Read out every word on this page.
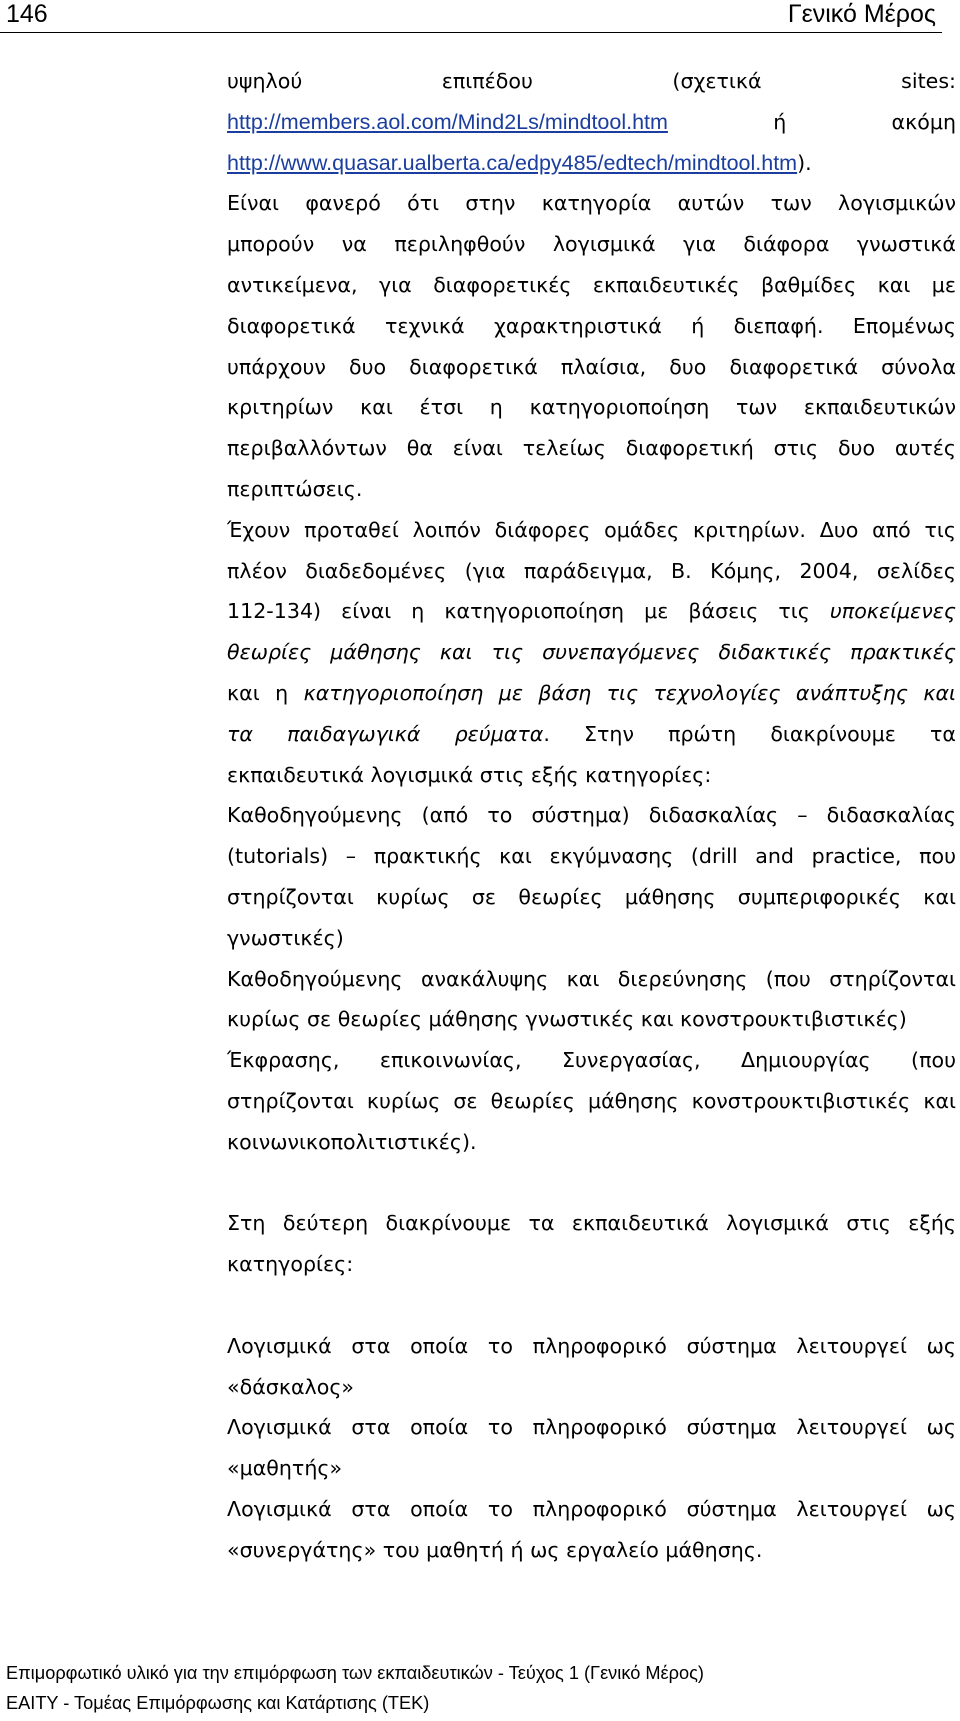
146	Γενικό Μέρος
υψηλού	επιπέδου	(σχετικά	sites:
http://members.aol.com/Mind2Ls/mindtool.htm	ή	ακόμη
http://www.quasar.ualberta.ca/edpy485/edtech/mindtool.htm).
Είναι φανερό ότι στην κατηγορία αυτών των λογισμικών
μπορούν να περιληφθούν λογισμικά για διάφορα γνωστικά
αντικείμενα, για διαφορετικές εκπαιδευτικές βαθμίδες και με
διαφορετικά τεχνικά χαρακτηριστικά ή διεπαφή. Επομένως
υπάρχουν δυο διαφορετικά πλαίσια, δυο διαφορετικά σύνολα
κριτηρίων και έτσι η κατηγοριοποίηση των εκπαιδευτικών
περιβαλλόντων θα είναι τελείως διαφορετική στις δυο αυτές
περιπτώσεις.
Έχουν προταθεί λοιπόν διάφορες ομάδες κριτηρίων. Δυο από τις
πλέον διαδεδομένες (για παράδειγμα, Β. Κόμης, 2004, σελίδες
112-134) είναι η κατηγοριοποίηση με βάσεις τις υποκείμενες
θεωρίες μάθησης και τις συνεπαγόμενες διδακτικές πρακτικές
και η κατηγοριοποίηση με βάση τις τεχνολογίες ανάπτυξης και
τα παιδαγωγικά ρεύματα. Στην πρώτη διακρίνουμε τα
εκπαιδευτικά λογισμικά στις εξής κατηγορίες:
Καθοδηγούμενης (από το σύστημα) διδασκαλίας – διδασκαλίας
(tutorials) – πρακτικής και εκγύμνασης (drill and practice, που
στηρίζονται κυρίως σε θεωρίες μάθησης συμπεριφορικές και
γνωστικές)
Καθοδηγούμενης ανακάλυψης και διερεύνησης (που στηρίζονται
κυρίως σε θεωρίες μάθησης γνωστικές και κονστρουκτιβιστικές)
Έκφρασης, επικοινωνίας, Συνεργασίας, Δημιουργίας (που
στηρίζονται κυρίως σε θεωρίες μάθησης κονστρουκτιβιστικές και
κοινωνικοπολιτιστικές).
Στη δεύτερη διακρίνουμε τα εκπαιδευτικά λογισμικά στις εξής
κατηγορίες:
Λογισμικά στα οποία το πληροφορικό σύστημα λειτουργεί ως
«δάσκαλος»
Λογισμικά στα οποία το πληροφορικό σύστημα λειτουργεί ως
«μαθητής»
Λογισμικά στα οποία το πληροφορικό σύστημα λειτουργεί ως
«συνεργάτης» του μαθητή ή ως εργαλείο μάθησης.
Επιμορφωτικό υλικό για την επιμόρφωση των εκπαιδευτικών - Τεύχος 1 (Γενικό Μέρος)
ΕΑΙΤΥ - Τομέας Επιμόρφωσης και Κατάρτισης (ΤΕΚ)
